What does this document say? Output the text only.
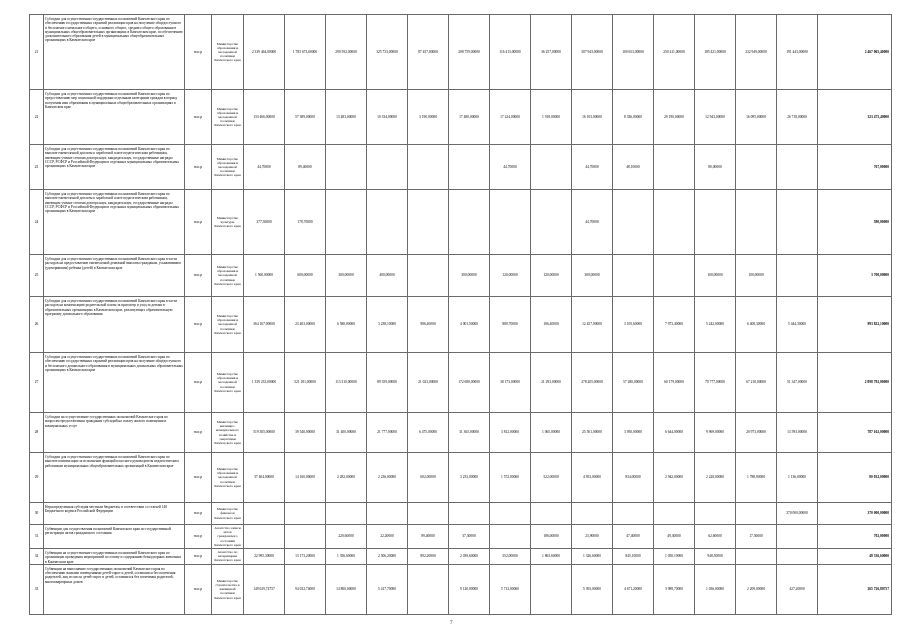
21	Субсидии для осуществления государственных полномочий Камчатского края по обеспечению государственных гарантий реализации прав на получение общедоступного и бесплатного начального общего, основного общего, среднего общего образования в муниципальных общеобразовательных организациях в Камчатском крае, по обеспечению дополнительного образования детей в муниципальных общеобразовательных организациях в Камчатском крае	тыс.р	Министерство образования и молодежной политики Камчатского края	2 339 464,00000	1 783 673,00000	290 592,00000	325 733,00000	87 457,00000	208 759,00000	116 413,00000	36 257,00000	307 943,00000	100 653,00000	250 411,00000	185 421,00000	232 949,00000	191 443,00000	2 467 065,40000
22	Субсидии для осуществления государственных полномочий Камчатского края по предоставлению мер социальной поддержки отдельным категориям граждан в период получения ими образования в муниципальных общеобразовательных организациях в Камчатском крае	тыс.р	Министерство образования и молодежной политики Камчатского края	133 466,00000	57 389,00000	13 483,00000	10 334,00000	3 190,00000	17 480,00000	17 224,00000	1 918,00000	16 103,00000	8 336,00000	29 190,00000	12 943,00000	16 095,00000	26 718,00000	323 475,40000
23	Субсидии для осуществления государственных полномочий Камчатского края по выплате ежемесячной доплаты к заработной плате педагогическим работникам, имеющим ученые степени доктора наук, кандидата наук, государственные награды СССР, РСФСР и Российской Федерации в отдельных муниципальных образовательных организациях в Камчатском крае	тыс.р	Министерство образования и молодежной политики Камчатского края	44,70000	89,40000					44,70000		44,70000	48,10000		80,00000			767,00000
24	Субсидии для осуществления государственных полномочий Камчатского края по выплате ежемесячной доплаты к заработной плате педагогическим работникам, имеющим ученые степени доктора наук, кандидата наук, государственные награды СССР, РСФСР и Российской Федерации в отдельных муниципальных образовательных организациях в Камчатском крае	тыс.р	Министерство культуры Камчатского края	377,30000	178,70000							44,70000						580,00000
25	Субсидии для осуществления государственных полномочий Камчатского края в части расходов на предоставление ежемесячной денежной выплаты гражданам, усыновившим (удочерившим) ребенка (детей) в Камчатском крае	тыс.р	Министерство образования и молодежной политики Камчатского края	1 560,00000	600,00000	300,00000	400,00000		300,00000	120,00000	120,00000	300,00000			100,00000	100,00000		3 700,00000
26	Субсидии для осуществления государственных полномочий Камчатского края в части расходов на компенсацию родительской платы за присмотр и уход за детьми в образовательных организациях в Камчатском крае, реализующих образовательную программу дошкольного образования	тыс.р	Министерство образования и молодежной политики Камчатского края	364 167,00000	23 403,00000	6 580,00000	3 238,10000	986,40000	4 001,50000	880,70000	186,40000	12 457,00000	3 105,60000	7 973,40000	5 242,00000	6 408,30000	5 444,30000	893 822,10000
27	Субсидии для осуществления государственных полномочий Камчатского края по обеспечению государственных гарантий реализации прав на получение общедоступного и бесплатного дошкольного образования в муниципальных дошкольных образовательных организациях в Камчатском крае	тыс.р	Министерство образования и молодежной политики Камчатского края	1 339 233,00000	521 181,00000	113 310,00000	89 359,00000	21 023,00000	172 680,00000	38 173,00000	21 293,00000	278 205,00000	57 280,00000	60 179,00000	70 777,00000	67 210,00000	51 347,00000	2 898 792,00000
28	Субсидии на осуществление государственных полномочий Камчатского края по вопросам предоставления гражданам субсидий на оплату жилого помещения и коммунальных услуг	тыс.р	Министерство жилищно-коммунального хозяйства и энергетики Камчатского края	519 305,00000	39 540,00000	31 400,00000	21 777,00000	6 475,00000	31 365,00000	3 812,00000	1 065,00000	25 501,00000	3 950,00000	6 644,00000	9 969,00000	20 973,00000	13 593,00000	787 162,00000
29	Субсидии для осуществления государственных полномочий Камчатского края по выплате компенсации за исполнение функций классного руководителя педагогическим работникам муниципальных общеобразовательных организаций в Камчатском крае	тыс.р	Министерство образования и молодежной политики Камчатского края	37 404,00000	14 160,00000	2 282,00000	2 236,00000	602,00000	3 233,00000	1 572,00000	522,00000	4 953,00000	834,00000	2 942,00000	2 220,00000	1 788,00000	1 136,00000	80 032,00000
30	Нераспределенная субсидия местным бюджетам, в соответствии со статьей 140 Бюджетного кодекса Российской Федерации	тыс.р	Министерство финансов Камчатского края														370 000,00000	370 000,00000
31	Субвенции для осуществления полномочий Камчатского края по государственной регистрации актов гражданского состояния	тыс.р	Агентство записи актов гражданского состояния Камчатского края			220,60000	22,20000	89,40000	37,30000		186,00000	23,90000	47,40000	49,30000	62,60000	17,30000		702,00000
32	Субвенции на осуществление государственных полномочий Камчатского края по организации проведения мероприятий по отлову и содержанию безнадзорных животных в Камчатском крае	тыс.р	Агентство по ветеринарии Камчатского края	22 995,30000	13 173,20000	1 356,60000	2 506,20000	892,20000	2 039,60000	552,00000	1 863,60000	1 326,60000	845,10000	1 050,10000	948,50000			48 336,60000
33	Субвенции на выполнение государственных полномочий Камчатского края по обеспечению жилыми помещениями детей-сирот и детей, оставшихся без попечения родителей, лиц из числа детей-сирот и детей, оставшихся без попечения родителей, многоквартирных домов	тыс.р	Министерство строительства и жилищной политики Камчатского края	149 029,74757	94 032,74000	14 800,00000	5 417,70000		9 120,00000	5 712,00000		5 393,00000	4 671,20000	3 989,70000	1 036,00000	2 209,00000	427,20000	265 726,80757
7
